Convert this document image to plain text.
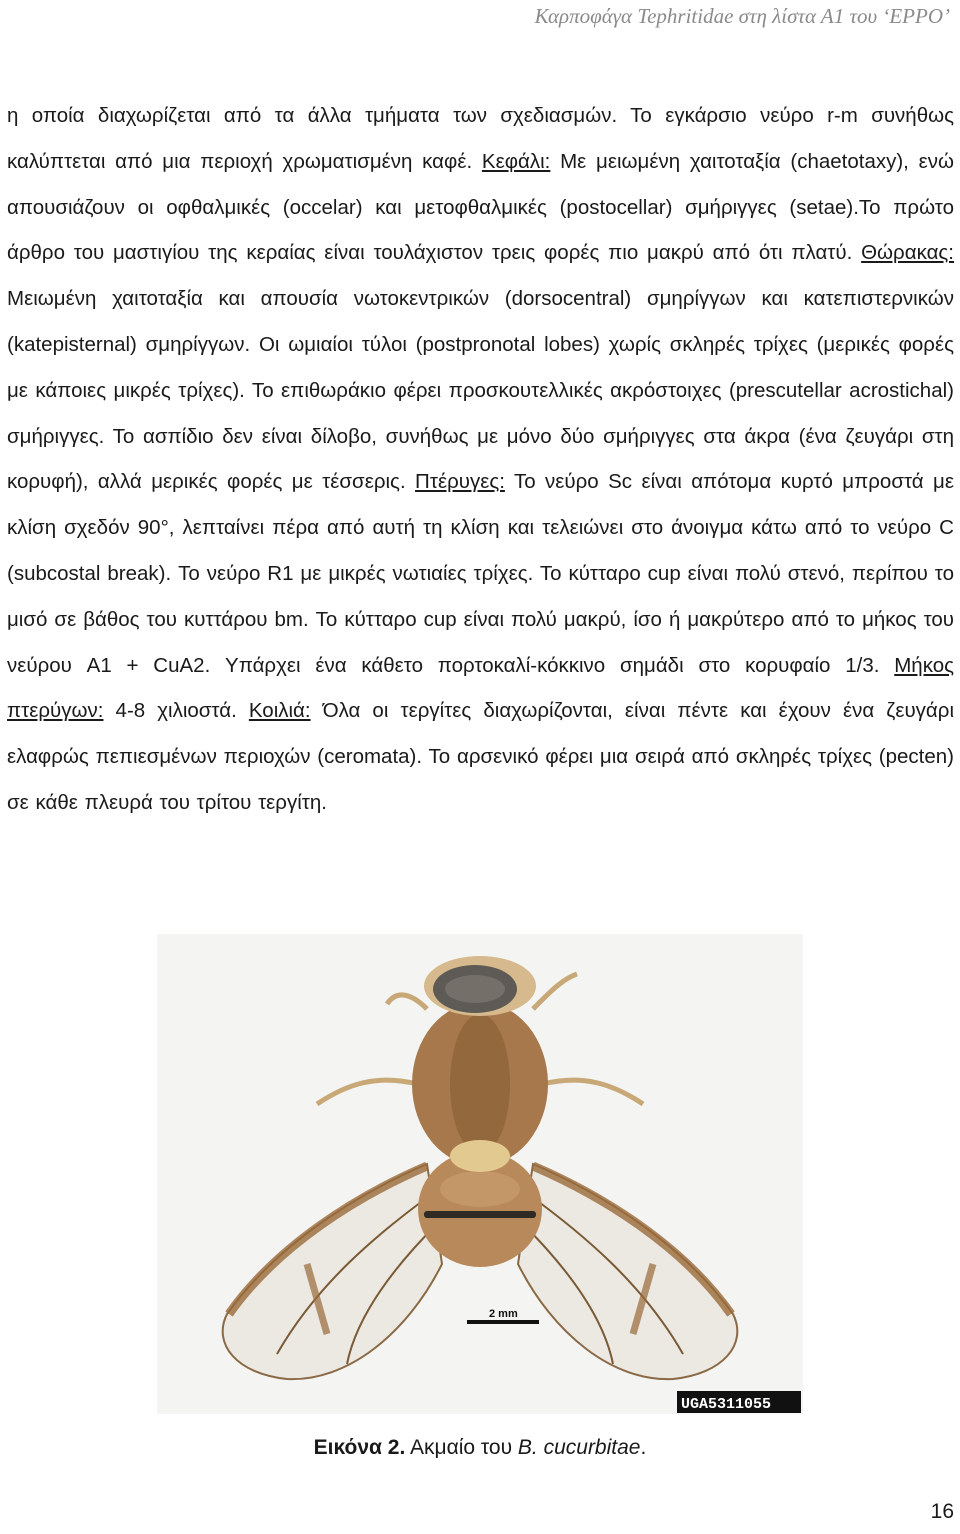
Καρποφάγα Tephritidae στη λίστα Α1 του ‘EPPO’
η οποία διαχωρίζεται από τα άλλα τμήματα των σχεδιασμών. Το εγκάρσιο νεύρο r-m συνήθως καλύπτεται από μια περιοχή χρωματισμένη καφέ. Κεφάλι: Με μειωμένη χαιτοταξία (chaetotaxy), ενώ απουσιάζουν οι οφθαλμικές (occelar) και μετοφθαλμικές (postocellar) σμήριγγες (setae).Το πρώτο άρθρο του μαστιγίου της κεραίας είναι τουλάχιστον τρεις φορές πιο μακρύ από ότι πλατύ. Θώρακας: Μειωμένη χαιτοταξία και απουσία νωτοκεντρικών (dorsocentral) σμηρίγγων και κατεπιστερνικών (katepisternal) σμηρίγγων. Οι ωμιαίοι τύλοι (postpronotal lobes) χωρίς σκληρές τρίχες (μερικές φορές με κάποιες μικρές τρίχες). Το επιθωράκιο φέρει προσκουτελλικές ακρόστοιχες (prescutellar acrostichal) σμήριγγες. Το ασπίδιο δεν είναι δίλοβο, συνήθως με μόνο δύο σμήριγγες στα άκρα (ένα ζευγάρι στη κορυφή), αλλά μερικές φορές με τέσσερις. Πτέρυγες: Το νεύρο Sc είναι απότομα κυρτό μπροστά με κλίση σχεδόν 90°, λεπταίνει πέρα από αυτή τη κλίση και τελειώνει στο άνοιγμα κάτω από το νεύρο C (subcostal break). Το νεύρο R1 με μικρές νωτιαίες τρίχες. Το κύτταρο cup είναι πολύ στενό, περίπου το μισό σε βάθος του κυττάρου bm. Το κύτταρο cup είναι πολύ μακρύ, ίσο ή μακρύτερο από το μήκος του νεύρου A1 + CuA2. Υπάρχει ένα κάθετο πορτοκαλί-κόκκινο σημάδι στο κορυφαίο 1/3. Μήκος πτερύγων: 4-8 χιλιοστά. Κοιλιά: Όλα οι τεργίτες διαχωρίζονται, είναι πέντε και έχουν ένα ζευγάρι ελαφρώς πεπιεσμένων περιοχών (ceromata). Το αρσενικό φέρει μια σειρά από σκληρές τρίχες (pecten) σε κάθε πλευρά του τρίτου τεργίτη.
2 mm
UGA5311055
Εικόνα 2. Ακμαίο του B. cucurbitae.
16
